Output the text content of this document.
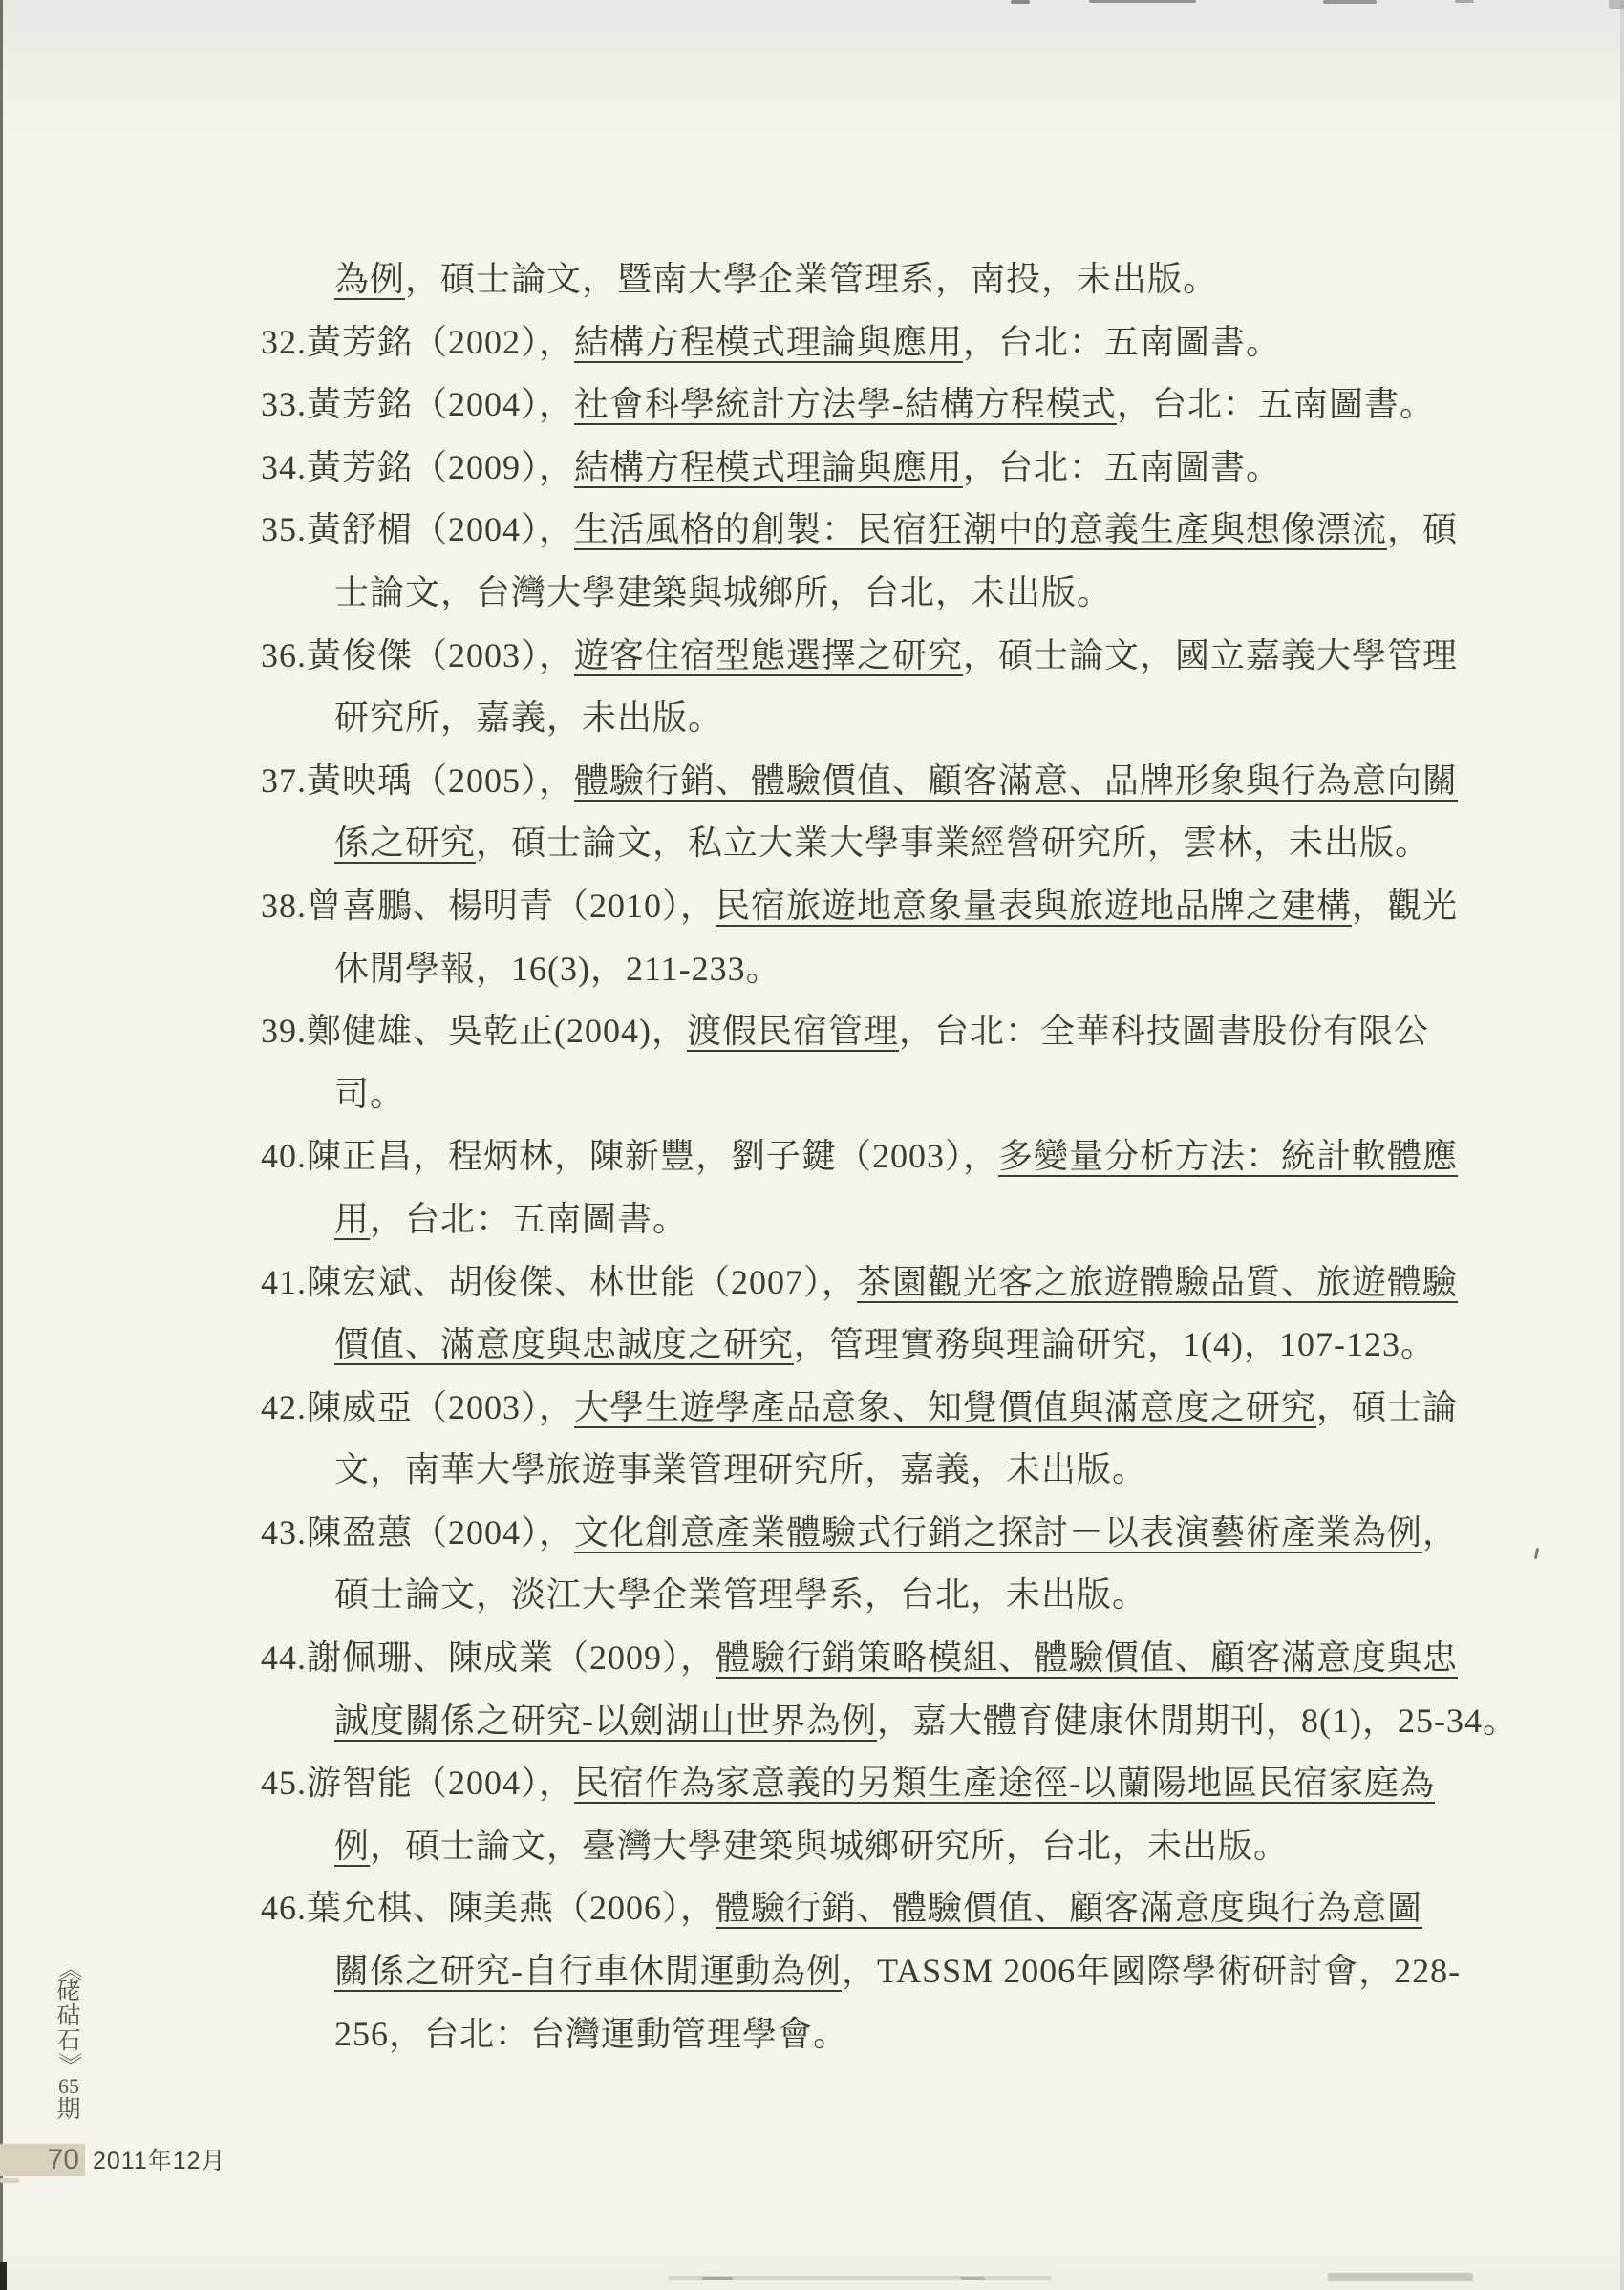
為例，碩士論文，暨南大學企業管理系，南投，未出版。
32.黃芳銘（2002），結構方程模式理論與應用，台北：五南圖書。
33.黃芳銘（2004），社會科學統計方法學-結構方程模式，台北：五南圖書。
34.黃芳銘（2009），結構方程模式理論與應用，台北：五南圖書。
35.黃舒楣（2004），生活風格的創製：民宿狂潮中的意義生產與想像漂流，碩
士論文，台灣大學建築與城鄉所，台北，未出版。
36.黃俊傑（2003），遊客住宿型態選擇之研究，碩士論文，國立嘉義大學管理
研究所，嘉義，未出版。
37.黃映瑀（2005），體驗行銷、體驗價值、顧客滿意、品牌形象與行為意向關
係之研究，碩士論文，私立大業大學事業經營研究所，雲林，未出版。
38.曾喜鵬、楊明青（2010），民宿旅遊地意象量表與旅遊地品牌之建構，觀光
休閒學報，16(3)，211-233。
39.鄭健雄、吳乾正(2004)，渡假民宿管理，台北：全華科技圖書股份有限公
司。
40.陳正昌，程炳林，陳新豐，劉子鍵（2003），多變量分析方法：統計軟體應
用，台北：五南圖書。
41.陳宏斌、胡俊傑、林世能（2007），茶園觀光客之旅遊體驗品質、旅遊體驗
價值、滿意度與忠誠度之研究，管理實務與理論研究，1(4)，107-123。
42.陳威亞（2003），大學生遊學產品意象、知覺價值與滿意度之研究，碩士論
文，南華大學旅遊事業管理研究所，嘉義，未出版。
43.陳盈蕙（2004），文化創意產業體驗式行銷之探討－以表演藝術產業為例，
碩士論文，淡江大學企業管理學系，台北，未出版。
44.謝佩珊、陳成業（2009），體驗行銷策略模組、體驗價值、顧客滿意度與忠
誠度關係之研究-以劍湖山世界為例，嘉大體育健康休閒期刊，8(1)，25-34。
45.游智能（2004），民宿作為家意義的另類生產途徑-以蘭陽地區民宿家庭為
例，碩士論文，臺灣大學建築與城鄉研究所，台北，未出版。
46.葉允棋、陳美燕（2006），體驗行銷、體驗價值、顧客滿意度與行為意圖
關係之研究-自行車休閒運動為例，TASSM 2006年國際學術研討會，228-
256，台北：台灣運動管理學會。
《
硓
𥑮
石
》
65
期
70 2011年12月
